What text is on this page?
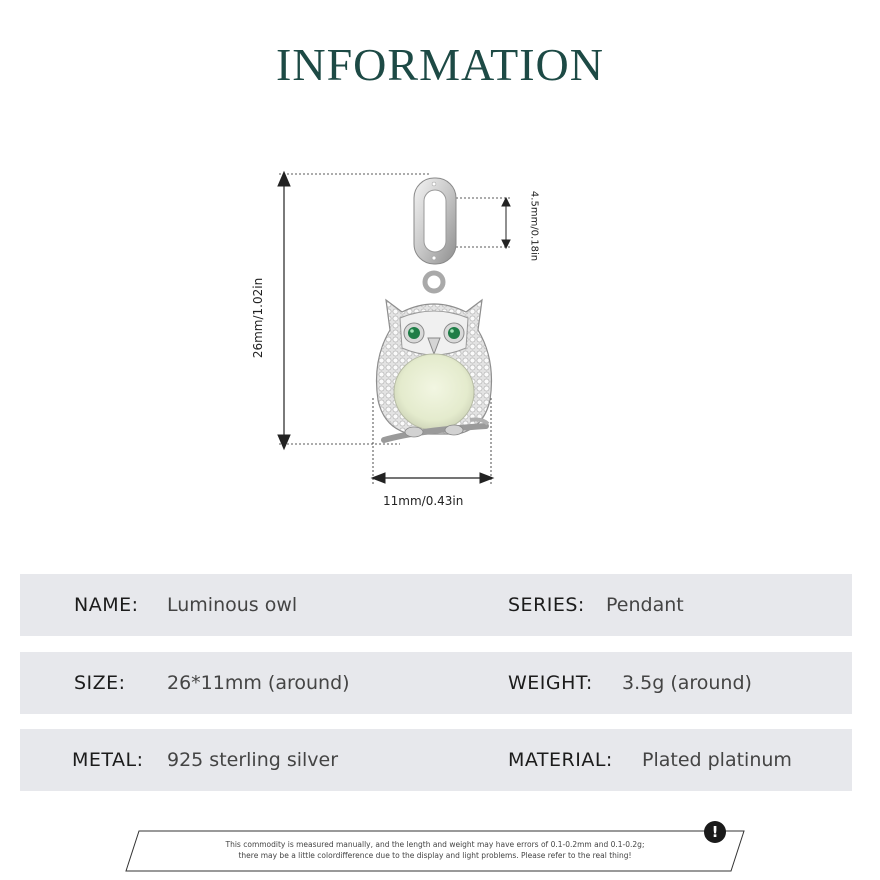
INFORMATION
26mm/1.02in
4.5mm/0.18in
11mm/0.43in
NAME: Luminous owl	SERIES: Pendant
SIZE: 26*11mm (around)	WEIGHT: 3.5g (around)
METAL: 925 sterling silver	MATERIAL: Plated platinum
This commodity is measured manually, and the length and weight may have errors of 0.1-0.2mm and 0.1-0.2g;
there may be a little colordifference due to the display and light problems. Please refer to the real thing!
!
